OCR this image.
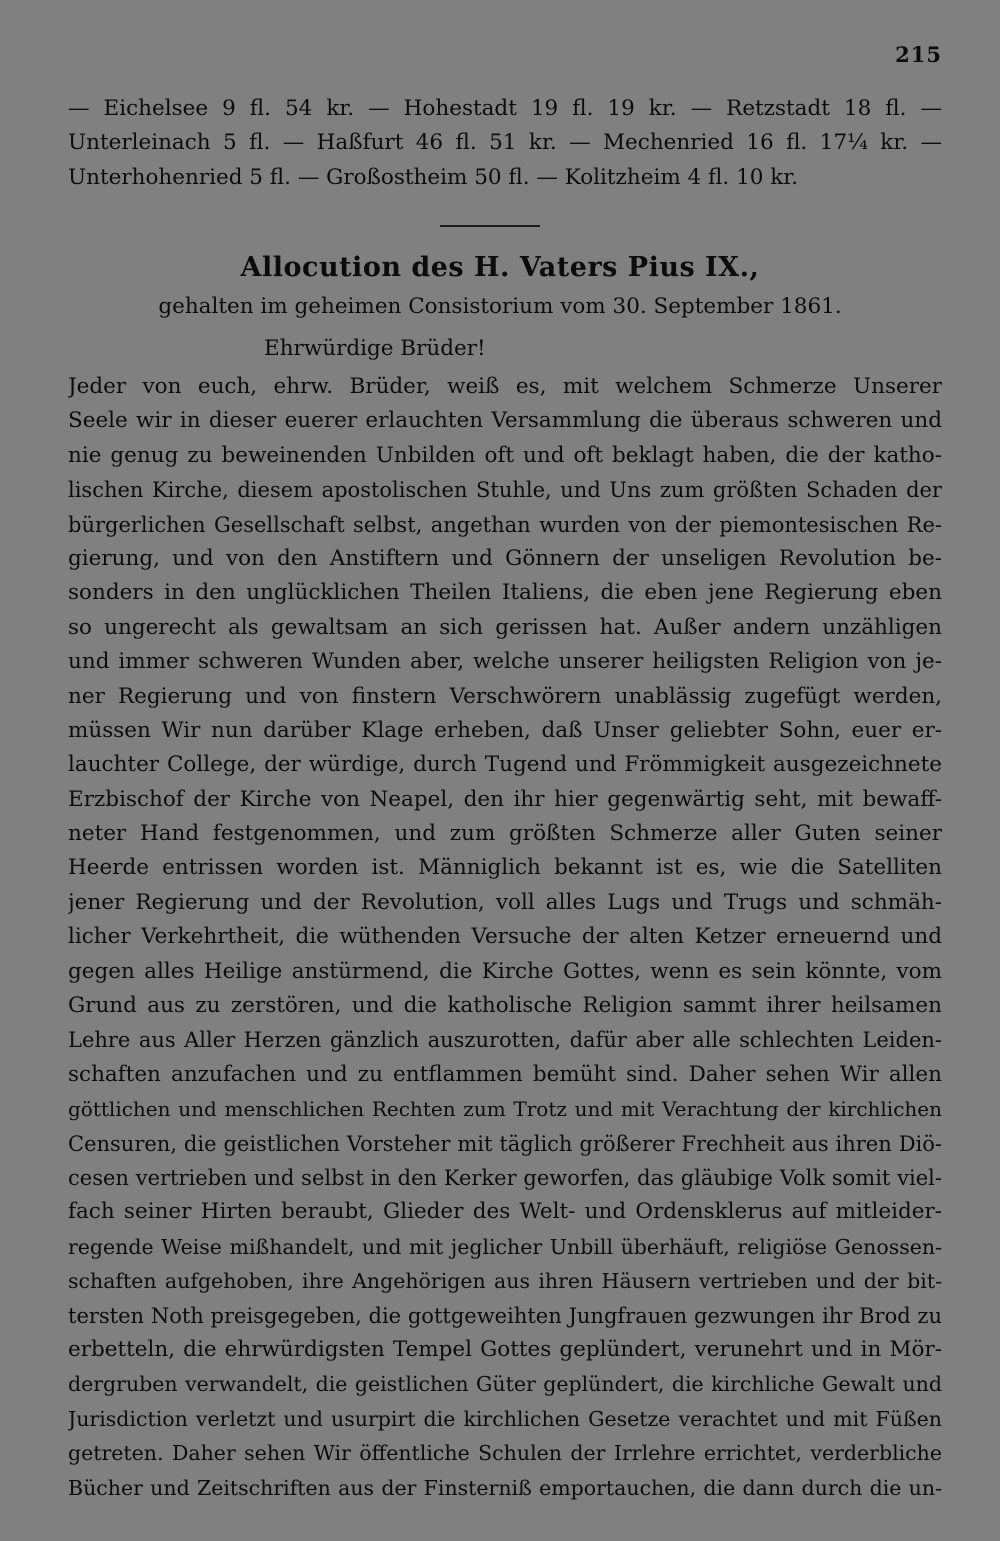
215
— Eichelsee 9 fl. 54 kr. — Hohestadt 19 fl. 19 kr. — Retzstadt 18 fl. —
Unterleinach 5 fl. — Haßfurt 46 fl. 51 kr. — Mechenried 16 fl. 17¼ kr. —
Unterhohenried 5 fl. — Großostheim 50 fl. — Kolitzheim 4 fl. 10 kr.
Allocution des H. Vaters Pius IX.,
gehalten im geheimen Consistorium vom 30. September 1861.
Ehrwürdige Brüder!
Jeder von euch, ehrw. Brüder, weiß es, mit welchem Schmerze Unserer
Seele wir in dieser euerer erlauchten Versammlung die überaus schweren und
nie genug zu beweinenden Unbilden oft und oft beklagt haben, die der katho-
lischen Kirche, diesem apostolischen Stuhle, und Uns zum größten Schaden der
bürgerlichen Gesellschaft selbst, angethan wurden von der piemontesischen Re-
gierung, und von den Anstiftern und Gönnern der unseligen Revolution be-
sonders in den unglücklichen Theilen Italiens, die eben jene Regierung eben
so ungerecht als gewaltsam an sich gerissen hat. Außer andern unzähligen
und immer schweren Wunden aber, welche unserer heiligsten Religion von je-
ner Regierung und von finstern Verschwörern unablässig zugefügt werden,
müssen Wir nun darüber Klage erheben, daß Unser geliebter Sohn, euer er-
lauchter College, der würdige, durch Tugend und Frömmigkeit ausgezeichnete
Erzbischof der Kirche von Neapel, den ihr hier gegenwärtig seht, mit bewaff-
neter Hand festgenommen, und zum größten Schmerze aller Guten seiner
Heerde entrissen worden ist. Männiglich bekannt ist es, wie die Satelliten
jener Regierung und der Revolution, voll alles Lugs und Trugs und schmäh-
licher Verkehrtheit, die wüthenden Versuche der alten Ketzer erneuernd und
gegen alles Heilige anstürmend, die Kirche Gottes, wenn es sein könnte, vom
Grund aus zu zerstören, und die katholische Religion sammt ihrer heilsamen
Lehre aus Aller Herzen gänzlich auszurotten, dafür aber alle schlechten Leiden-
schaften anzufachen und zu entflammen bemüht sind. Daher sehen Wir allen
göttlichen und menschlichen Rechten zum Trotz und mit Verachtung der kirchlichen
Censuren, die geistlichen Vorsteher mit täglich größerer Frechheit aus ihren Diö-
cesen vertrieben und selbst in den Kerker geworfen, das gläubige Volk somit viel-
fach seiner Hirten beraubt, Glieder des Welt- und Ordensklerus auf mitleider-
regende Weise mißhandelt, und mit jeglicher Unbill überhäuft, religiöse Genossen-
schaften aufgehoben, ihre Angehörigen aus ihren Häusern vertrieben und der bit-
tersten Noth preisgegeben, die gottgeweihten Jungfrauen gezwungen ihr Brod zu
erbetteln, die ehrwürdigsten Tempel Gottes geplündert, verunehrt und in Mör-
dergruben verwandelt, die geistlichen Güter geplündert, die kirchliche Gewalt und
Jurisdiction verletzt und usurpirt die kirchlichen Gesetze verachtet und mit Füßen
getreten. Daher sehen Wir öffentliche Schulen der Irrlehre errichtet, verderbliche
Bücher und Zeitschriften aus der Finsterniß emportauchen, die dann durch die un-
